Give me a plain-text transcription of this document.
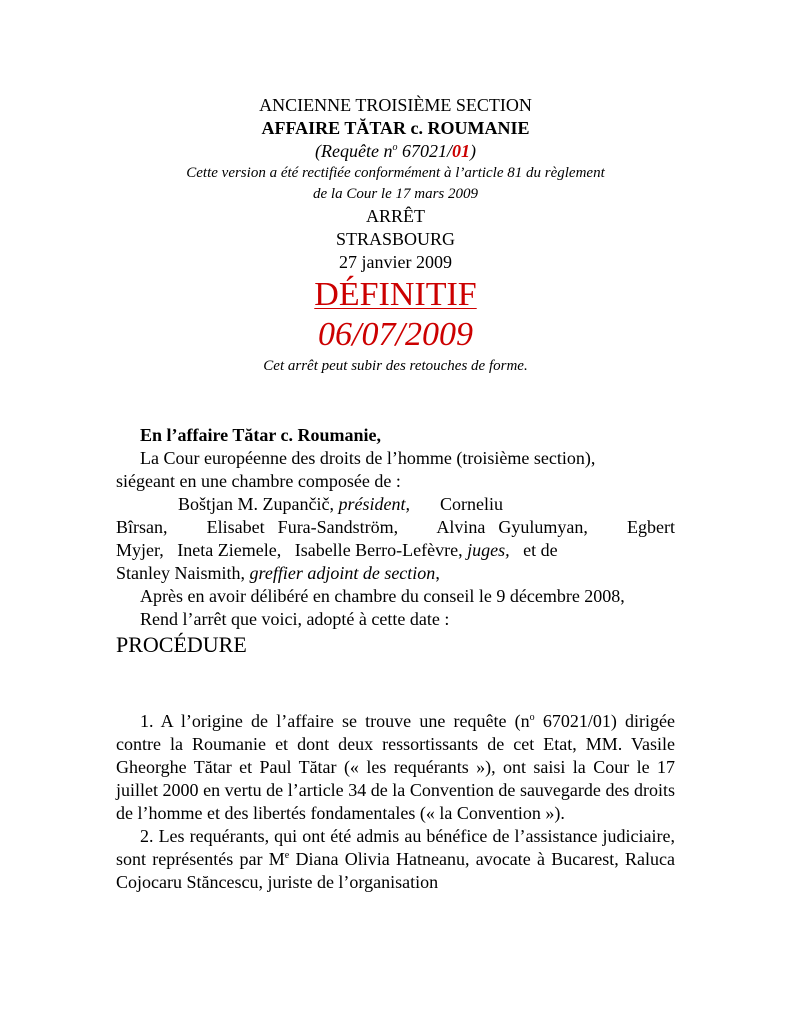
ANCIENNE TROISIÈME SECTION
AFFAIRE TĂTAR c. ROUMANIE
(Requête $n^o$ 67021/01)
Cette version a été rectifiée conformément à l’article 81 du règlement
de la Cour le 17 mars 2009
ARRÊT
STRASBOURG
27 janvier 2009
DÉFINITIF
06/07/2009
Cet arrêt peut subir des retouches de forme.
En l’affaire Tătar c. Roumanie,
La Cour européenne des droits de l’homme (troisième section),
siégeant en une chambre composée de :
Boštjan M. Zupančič, président, Corneliu
Bîrsan,   Elisabet Fura-Sandström,   Alvina Gyulumyan,   Egbert
Myjer,   Ineta Ziemele,   Isabelle Berro-Lefèvre, juges,   et de
Stanley Naismith, greffier adjoint de section,
Après en avoir délibéré en chambre du conseil le 9 décembre 2008,
Rend l’arrêt que voici, adopté à cette date :
PROCÉDURE
1. A l’origine de l’affaire se trouve une requête ($n^o$ 67021/01) dirigée contre la Roumanie et dont deux ressortissants de cet Etat, MM. Vasile Gheorghe Tătar et Paul Tătar (« les requérants »), ont saisi la Cour le 17 juillet 2000 en vertu de l’article 34 de la Convention de sauvegarde des droits de l’homme et des libertés fondamentales (« la Convention »).
2. Les requérants, qui ont été admis au bénéfice de l’assistance judiciaire, sont représentés par Me Diana Olivia Hatneanu, avocate à Bucarest, Raluca Cojocaru Stăncescu, juriste de l’organisation
